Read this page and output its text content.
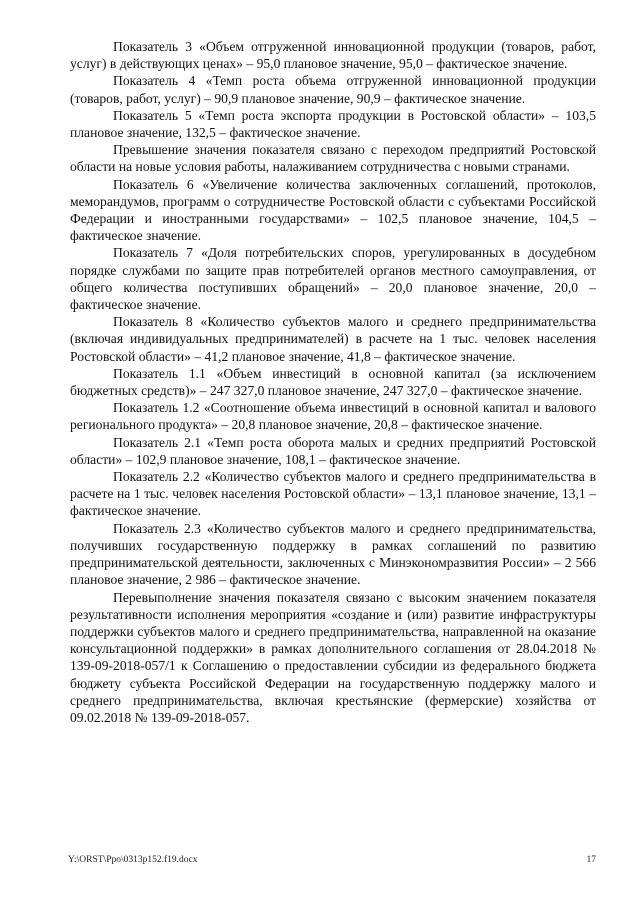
Показатель 3 «Объем отгруженной инновационной продукции (товаров, работ, услуг) в действующих ценах» – 95,0 плановое значение, 95,0 – фактическое значение.

Показатель 4 «Темп роста объема отгруженной инновационной продукции (товаров, работ, услуг) – 90,9 плановое значение, 90,9 – фактическое значение.

Показатель 5 «Темп роста экспорта продукции в Ростовской области» – 103,5 плановое значение, 132,5 – фактическое значение.

Превышение значения показателя связано с переходом предприятий Ростовской области на новые условия работы, налаживанием сотрудничества с новыми странами.

Показатель 6 «Увеличение количества заключенных соглашений, протоколов, меморандумов, программ о сотрудничестве Ростовской области с субъектами Российской Федерации и иностранными государствами» – 102,5 плановое значение, 104,5 – фактическое значение.

Показатель 7 «Доля потребительских споров, урегулированных в досудебном порядке службами по защите прав потребителей органов местного самоуправления, от общего количества поступивших обращений» – 20,0 плановое значение, 20,0 – фактическое значение.

Показатель 8 «Количество субъектов малого и среднего предпринимательства (включая индивидуальных предпринимателей) в расчете на 1 тыс. человек населения Ростовской области» – 41,2 плановое значение, 41,8 – фактическое значение.

Показатель 1.1 «Объем инвестиций в основной капитал (за исключением бюджетных средств)» – 247 327,0 плановое значение, 247 327,0 – фактическое значение.

Показатель 1.2 «Соотношение объема инвестиций в основной капитал и валового регионального продукта» – 20,8 плановое значение, 20,8 – фактическое значение.

Показатель 2.1 «Темп роста оборота малых и средних предприятий Ростовской области» – 102,9 плановое значение, 108,1 – фактическое значение.

Показатель 2.2 «Количество субъектов малого и среднего предпринимательства в расчете на 1 тыс. человек населения Ростовской области» – 13,1 плановое значение, 13,1 – фактическое значение.

Показатель 2.3 «Количество субъектов малого и среднего предпринимательства, получивших государственную поддержку в рамках соглашений по развитию предпринимательской деятельности, заключенных с Минэкономразвития России» – 2 566 плановое значение, 2 986 – фактическое значение.

Перевыполнение значения показателя связано с высоким значением показателя результативности исполнения мероприятия «создание и (или) развитие инфраструктуры поддержки субъектов малого и среднего предпринимательства, направленной на оказание консультационной поддержки» в рамках дополнительного соглашения от 28.04.2018 № 139-09-2018-057/1 к Соглашению о предоставлении субсидии из федерального бюджета бюджету субъекта Российской Федерации на государственную поддержку малого и среднего предпринимательства, включая крестьянские (фермерские) хозяйства от 09.02.2018 № 139-09-2018-057.

Y:\ORST\Ppo\0313p152.f19.docx	17
